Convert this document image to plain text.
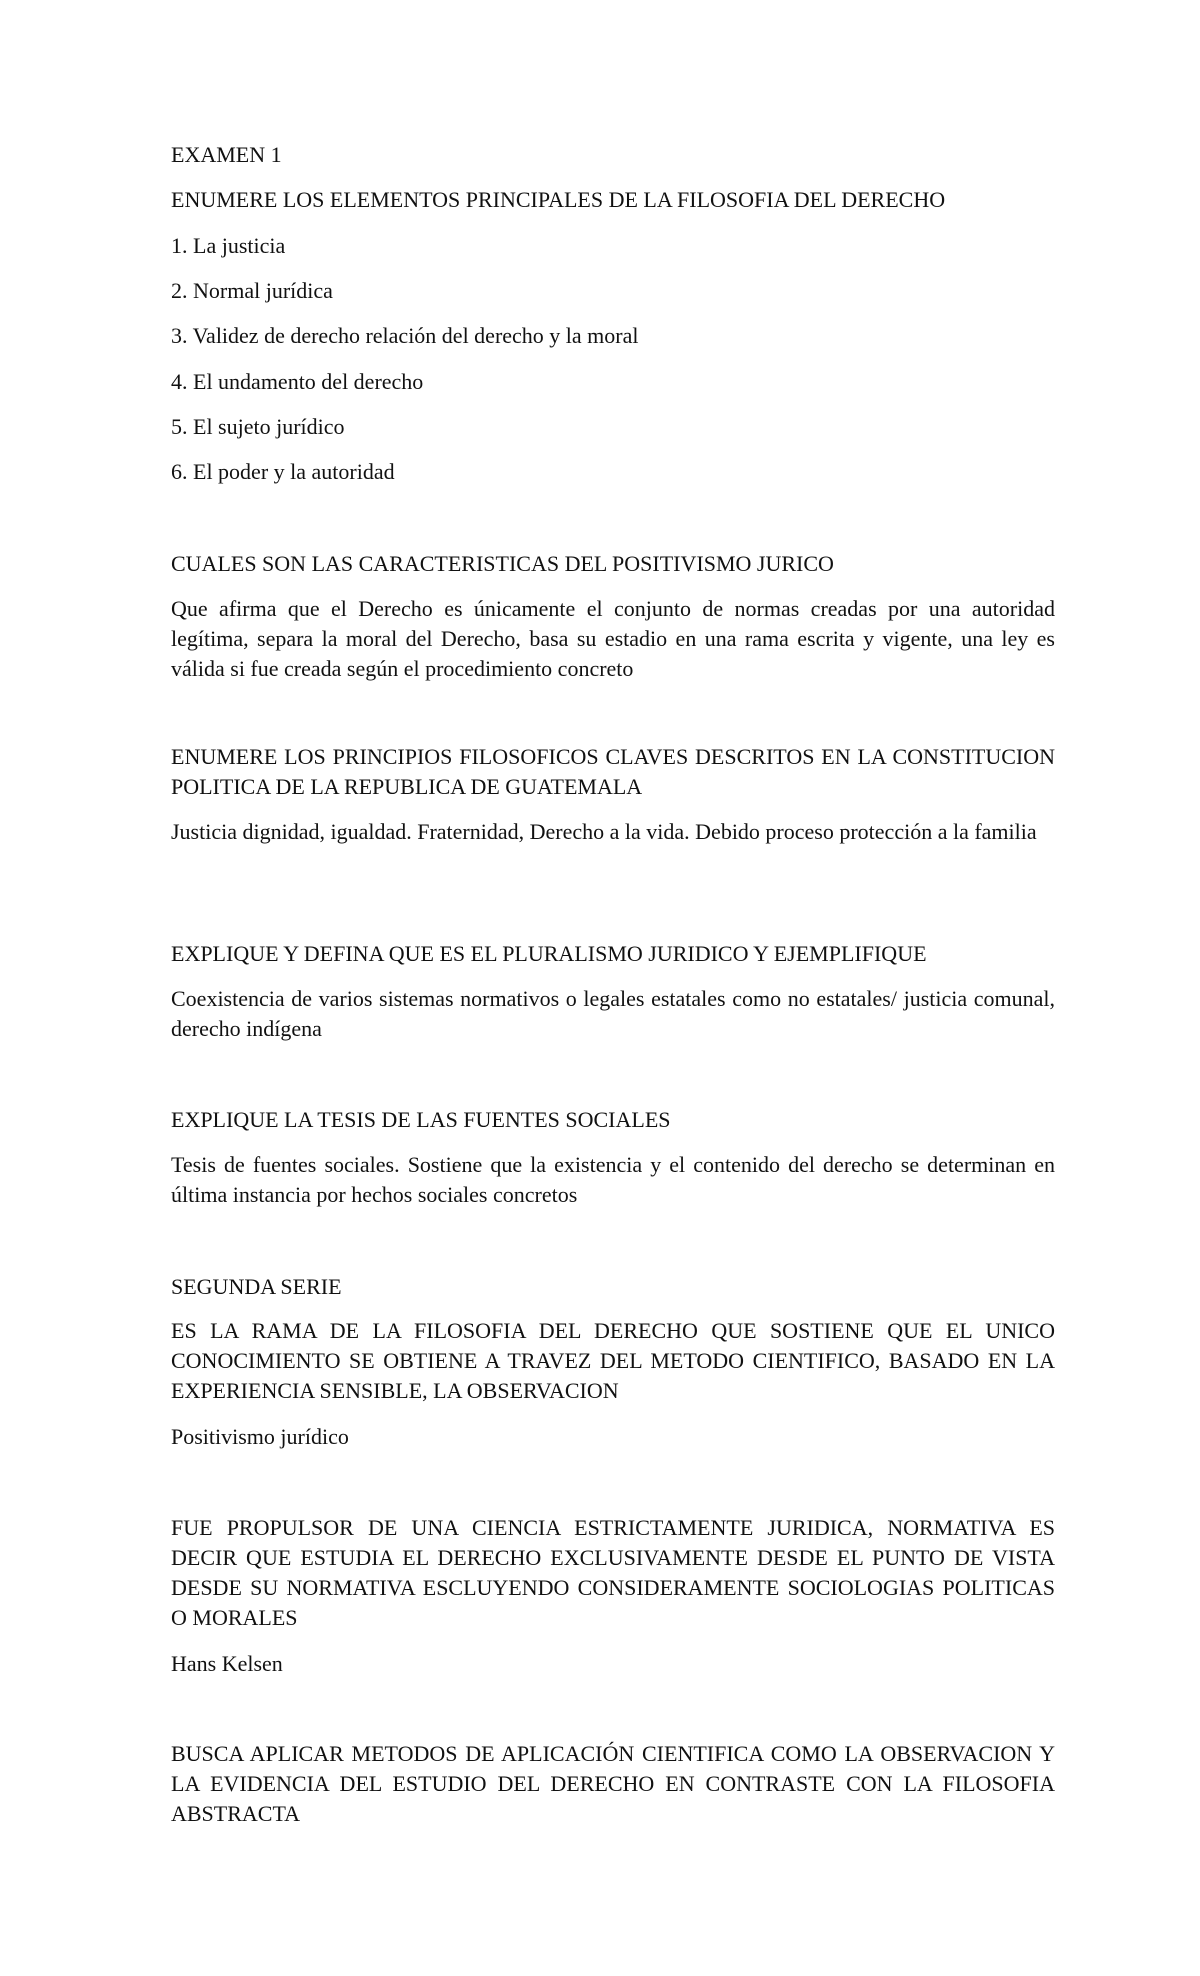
EXAMEN 1
ENUMERE LOS ELEMENTOS PRINCIPALES DE LA FILOSOFIA DEL DERECHO
1. La justicia
2. Normal jurídica
3. Validez de derecho relación del derecho y la moral
4. El undamento del derecho
5. El sujeto jurídico
6. El poder y la autoridad
CUALES SON LAS CARACTERISTICAS DEL POSITIVISMO JURICO
Que afirma que el Derecho es únicamente el conjunto de normas creadas por una autoridad legítima, separa la moral del Derecho, basa su estadio en una rama escrita y vigente, una ley es válida si fue creada según el procedimiento concreto
ENUMERE LOS PRINCIPIOS FILOSOFICOS CLAVES DESCRITOS EN LA CONSTITUCION POLITICA DE LA REPUBLICA DE GUATEMALA
Justicia dignidad, igualdad. Fraternidad, Derecho a la vida. Debido proceso protección a la familia
EXPLIQUE Y DEFINA QUE ES EL PLURALISMO JURIDICO Y EJEMPLIFIQUE
Coexistencia de varios sistemas normativos o legales estatales como no estatales/ justicia comunal, derecho indígena
EXPLIQUE LA TESIS DE LAS FUENTES SOCIALES
Tesis de fuentes sociales. Sostiene que la existencia y el contenido del derecho se determinan en última instancia por hechos sociales concretos
SEGUNDA SERIE
ES LA RAMA DE LA FILOSOFIA DEL DERECHO QUE SOSTIENE QUE EL UNICO CONOCIMIENTO SE OBTIENE A TRAVEZ DEL METODO CIENTIFICO, BASADO EN LA EXPERIENCIA SENSIBLE, LA OBSERVACION
Positivismo jurídico
FUE PROPULSOR DE UNA CIENCIA ESTRICTAMENTE JURIDICA, NORMATIVA ES DECIR QUE ESTUDIA EL DERECHO EXCLUSIVAMENTE DESDE EL PUNTO DE VISTA DESDE SU NORMATIVA ESCLUYENDO CONSIDERAMENTE SOCIOLOGIAS POLITICAS O MORALES
Hans Kelsen
BUSCA APLICAR METODOS DE APLICACIÓN CIENTIFICA COMO LA OBSERVACION Y LA EVIDENCIA DEL ESTUDIO DEL DERECHO EN CONTRASTE CON LA FILOSOFIA ABSTRACTA
